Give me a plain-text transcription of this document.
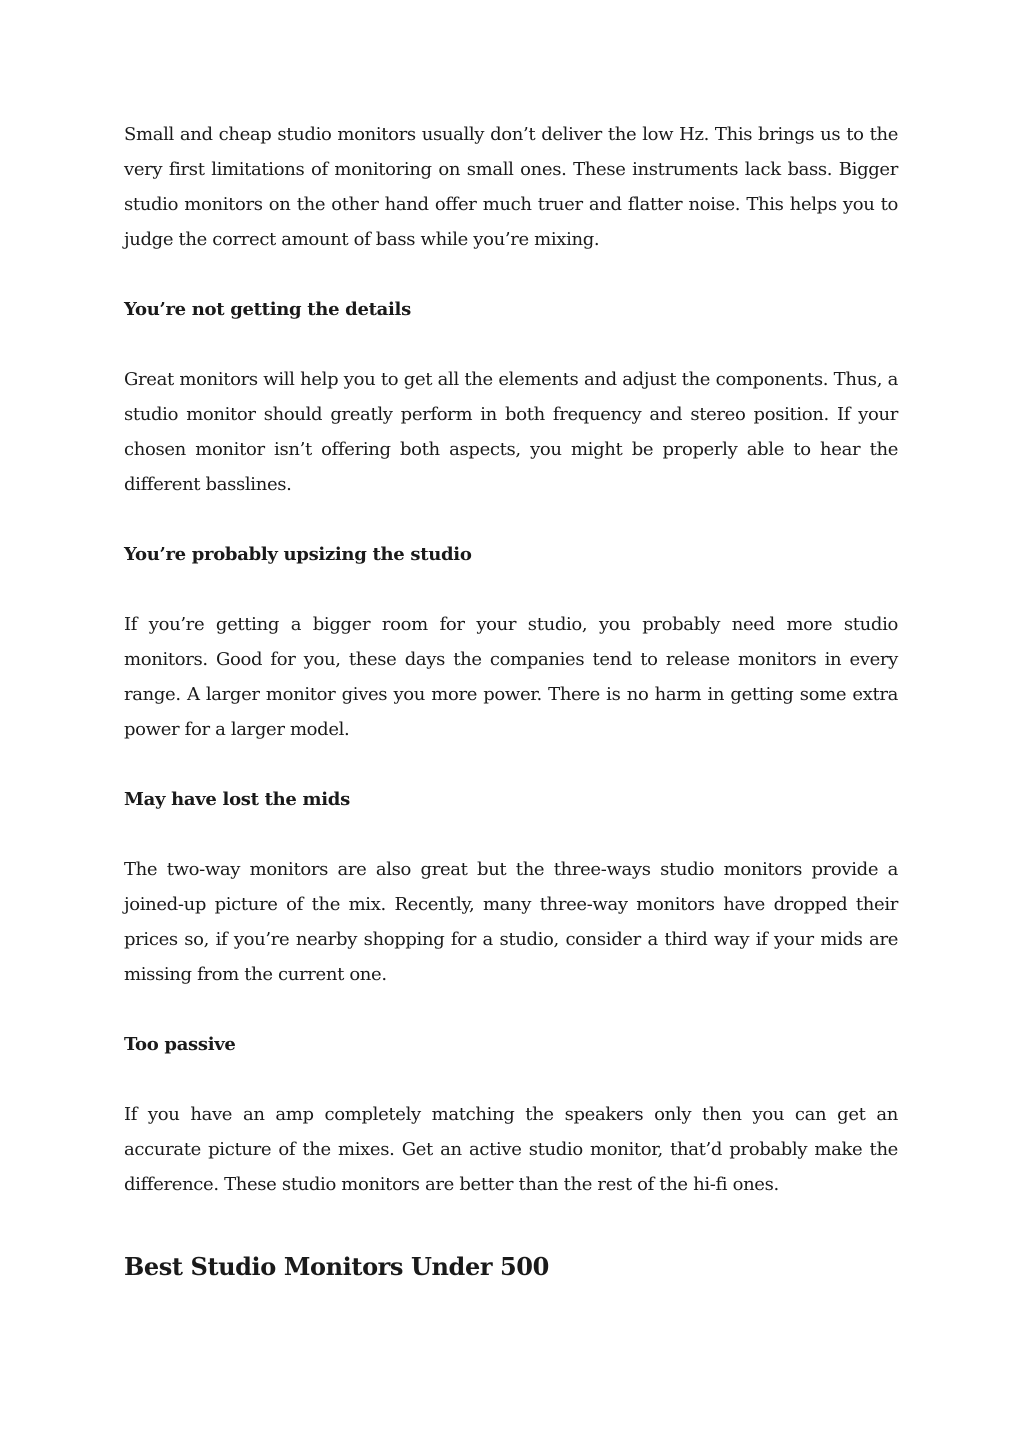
Small and cheap studio monitors usually don’t deliver the low Hz. This brings us to the very first limitations of monitoring on small ones. These instruments lack bass. Bigger studio monitors on the other hand offer much truer and flatter noise. This helps you to judge the correct amount of bass while you’re mixing.

You’re not getting the details

Great monitors will help you to get all the elements and adjust the components. Thus, a studio monitor should greatly perform in both frequency and stereo position. If your chosen monitor isn’t offering both aspects, you might be properly able to hear the different basslines.

You’re probably upsizing the studio

If you’re getting a bigger room for your studio, you probably need more studio monitors. Good for you, these days the companies tend to release monitors in every range. A larger monitor gives you more power. There is no harm in getting some extra power for a larger model.

May have lost the mids

The two-way monitors are also great but the three-ways studio monitors provide a joined-up picture of the mix. Recently, many three-way monitors have dropped their prices so, if you’re nearby shopping for a studio, consider a third way if your mids are missing from the current one.

Too passive

If you have an amp completely matching the speakers only then you can get an accurate picture of the mixes. Get an active studio monitor, that’d probably make the difference. These studio monitors are better than the rest of the hi-fi ones.

Best Studio Monitors Under 500
